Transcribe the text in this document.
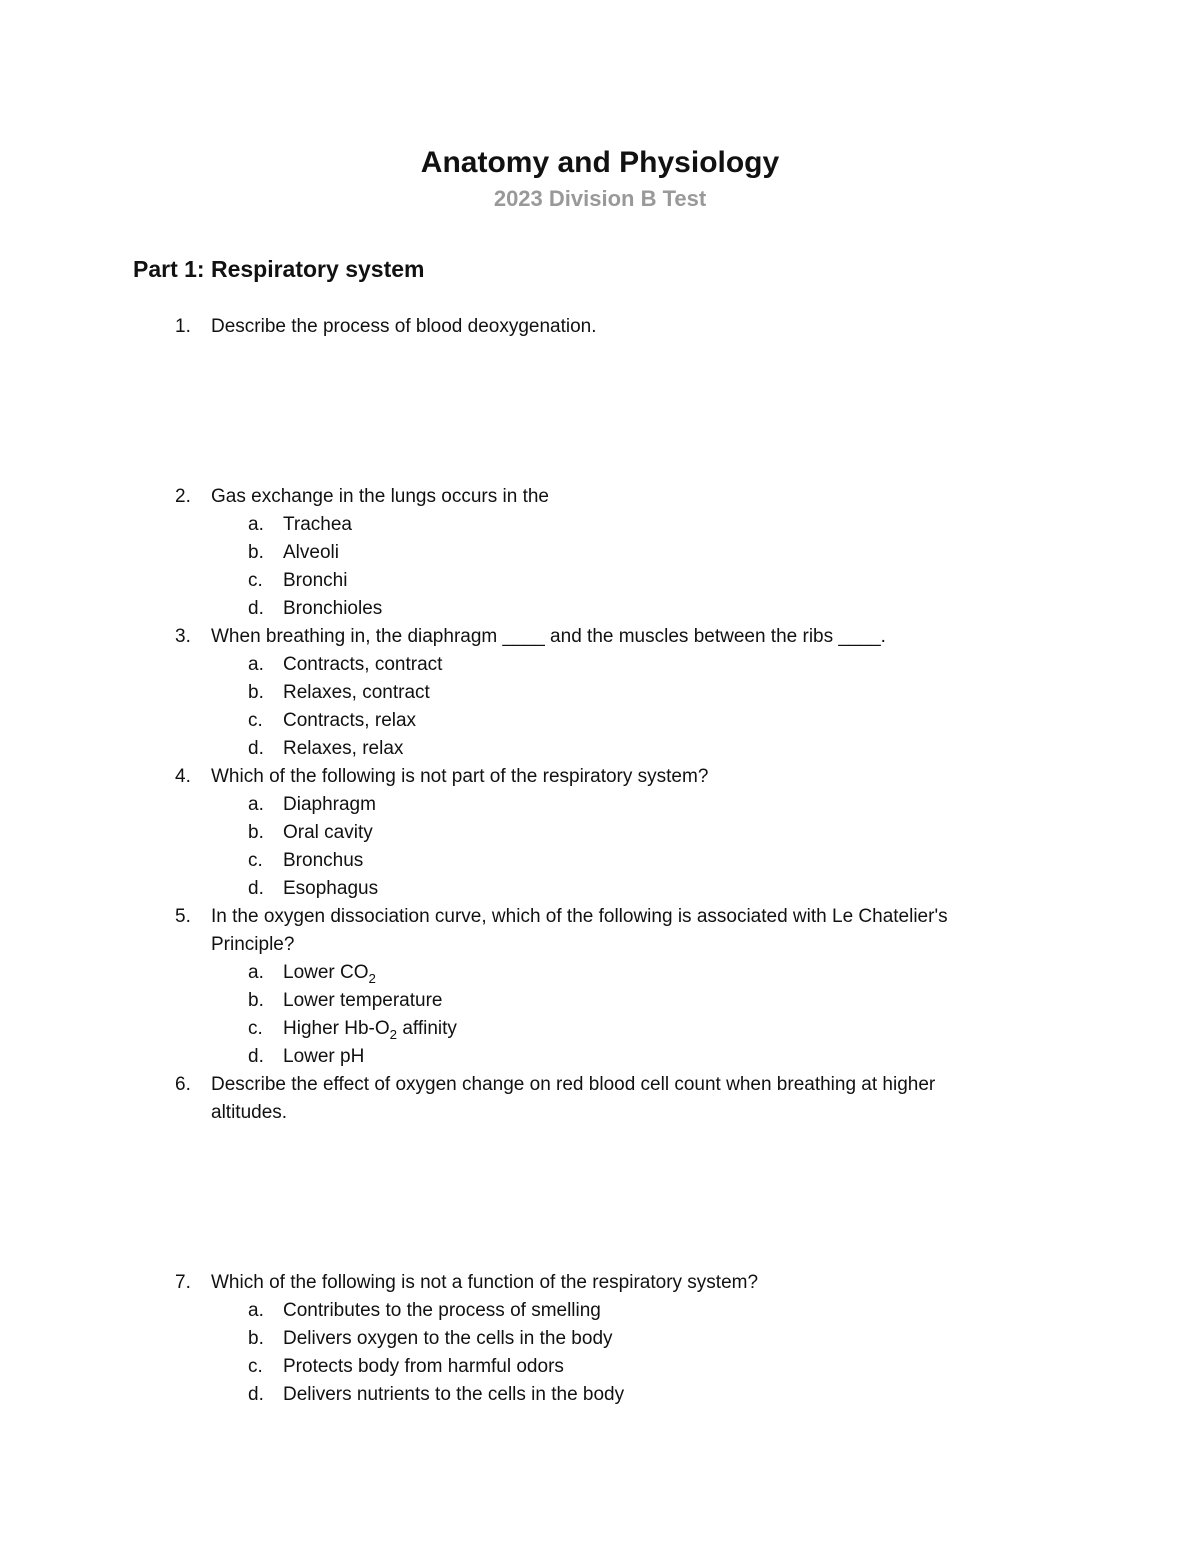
Anatomy and Physiology
2023 Division B Test
Part 1: Respiratory system
1.	Describe the process of blood deoxygenation.
2.	Gas exchange in the lungs occurs in the
a.	Trachea
b.	Alveoli
c.	Bronchi
d.	Bronchioles
3.	When breathing in, the diaphragm ____ and the muscles between the ribs ____.
a.	Contracts, contract
b.	Relaxes, contract
c.	Contracts, relax
d.	Relaxes, relax
4.	Which of the following is not part of the respiratory system?
a.	Diaphragm
b.	Oral cavity
c.	Bronchus
d.	Esophagus
5.	In the oxygen dissociation curve, which of the following is associated with Le Chatelier's Principle?
a.	Lower $CO_2$
b.	Lower temperature
c.	Higher $Hb-O_2$ affinity
d.	Lower pH
6.	Describe the effect of oxygen change on red blood cell count when breathing at higher altitudes.
7.	Which of the following is not a function of the respiratory system?
a.	Contributes to the process of smelling
b.	Delivers oxygen to the cells in the body
c.	Protects body from harmful odors
d.	Delivers nutrients to the cells in the body
